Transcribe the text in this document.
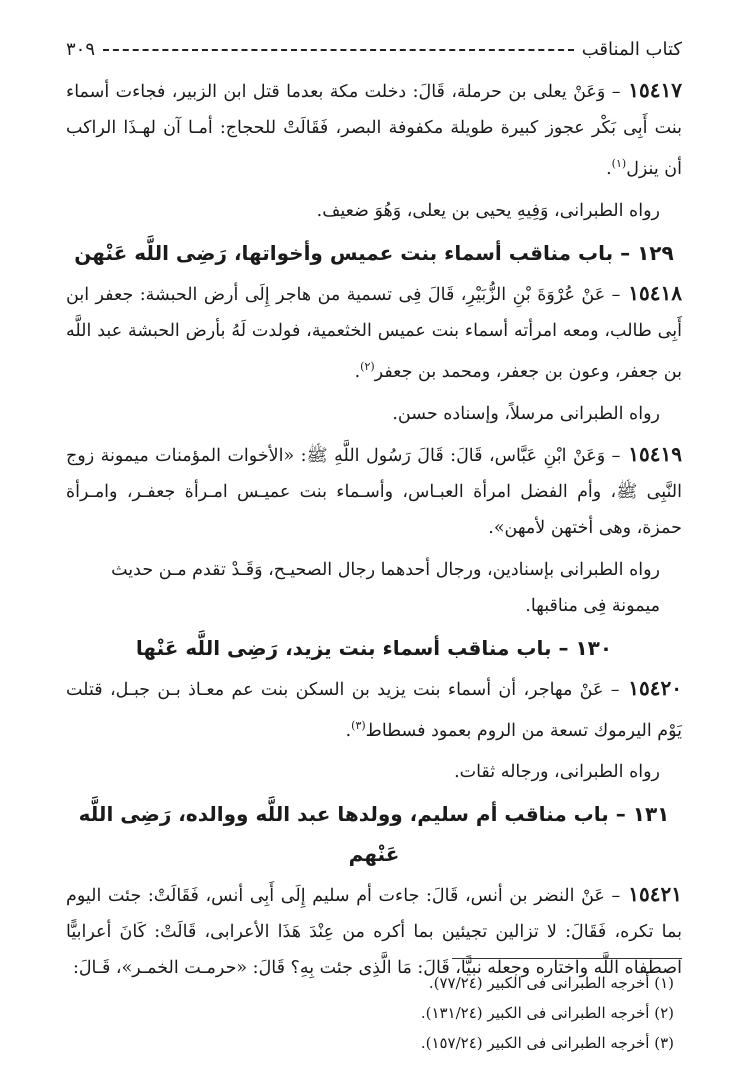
كتاب المناقب
٣٠٩

١٥٤١٧ – وَعَنْ يعلى بن حرملة، قَالَ: دخلت مكة بعدما قتل ابن الزبير، فجاءت أسماء بنت أَبِى بَكْر عجوز كبيرة طويلة مكفوفة البصر، فَقَالَتْ للحجاج: أمـا آن لهـذَا الراكب أن ينزل$^{(١)}$.

رواه الطبرانى، وَفِيهِ يحيى بن يعلى، وَهُوَ ضعيف.

١٢٩ – باب مناقب أسماء بنت عميس وأخواتها، رَضِى اللَّه عَنْهن

١٥٤١٨ – عَنْ عُرْوَةَ بْنِ الزُّبَيْرِ، قَالَ فِى تسمية من هاجر إِلَى أرض الحبشة: جعفر ابن أَبِى طالب، ومعه امرأته أسماء بنت عميس الخثعمية، فولدت لَهُ بأرض الحبشة عبد اللَّه بن جعفر، وعون بن جعفر، ومحمد بن جعفر$^{(٢)}$.

رواه الطبرانى مرسلاً، وإسناده حسن.

١٥٤١٩ – وَعَنْ ابْنِ عَبَّاس، قَالَ: قَالَ رَسُول اللَّهِ ﷺ: «الأخوات المؤمنات ميمونة زوج النَّبِى ﷺ، وأم الفضل امرأة العبـاس، وأسـماء بنت عميـس امـرأة جعفـر، وامـرأة حمزة، وهى أختهن لأمهن».

رواه الطبرانى بإسنادين، ورجال أحدهما رجال الصحيـح، وَقَـدْ تقدم مـن حديث ميمونة فِى مناقبها.

١٣٠ – باب مناقب أسماء بنت يزيد، رَضِى اللَّه عَنْها

١٥٤٢٠ – عَنْ مهاجر، أن أسماء بنت يزيد بن السكن بنت عم معـاذ بـن جبـل، قتلت يَوْم اليرموك تسعة من الروم بعمود فسطاط$^{(٣)}$.

رواه الطبرانى، ورجاله ثقات.

١٣١ – باب مناقب أم سليم، وولدها عبد اللَّه ووالده، رَضِى اللَّه عَنْهم

١٥٤٢١ – عَنْ النضر بن أنس، قَالَ: جاءت أم سليم إِلَى أَبِى أنس، فَقَالَتْ: جئت اليوم بما تكره، فَقَالَ: لا تزالين تجيئين بما أكره من عِنْدَ هَذَا الأعرابى، قَالَتْ: كَانَ أعرابيًّا اصطفاه اللَّه واختاره وجعله نبيًّا، قَالَ: مَا الَّذِى جئت بِهِ؟ قَالَ: «حرمـت الخمـر»، قَـالَ:

(١) أخرجه الطبرانى فى الكبير (٧٧/٢٤).
(٢) أخرجه الطبرانى فى الكبير (١٣١/٢٤).
(٣) أخرجه الطبرانى فى الكبير (١٥٧/٢٤).
